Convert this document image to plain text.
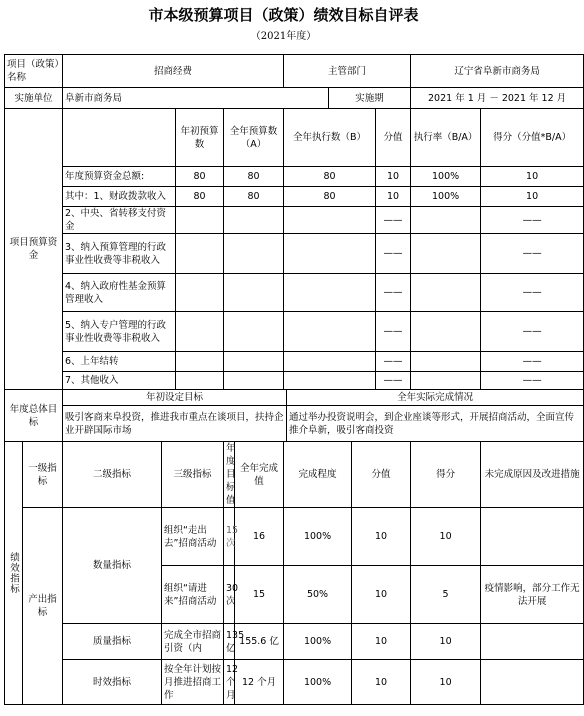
市本级预算项目（政策）绩效目标自评表
（2021年度）
项目（政策）名称		招商经费					主管部门					辽宁省阜新市商务局	
实施单位		阜新市商务局							实施期			2021 年 1 月 － 2021 年 12 月	
项目预算资金				年初预算数	全年预算数（A）		全年执行数（B）				分值	执行率（B/A）	得分（分值*B/A）
		年度预算资金总额:		80	80		80				10	100%	10
		其中：1、财政拨款收入		80	80		80				10	100%	10
		2、中央、省转移支付资金									——		——
		3、纳入预算管理的行政事业性收费等非税收入									——		——
		4、纳入政府性基金预算管理收入									——		——
		5、纳入专户管理的行政事业性收费等非税收入									——		——
		6、上年结转									——		——
		7、其他收入									——		——
年度总体目标		年初设定目标						全年实际完成情况					
		吸引客商来阜投资，推进我市重点在谈项目，扶持企业开辟国际市场						通过举办投资说明会，到企业座谈等形式，开展招商活动，全面宣传推介阜新，吸引客商投资					
绩效指标	一级指标	二级指标	三级指标		年度目标值	全年完成值	完成程度			分值		得分	未完成原因及改进措施
	产出指标	数量指标	组织“走出去”招商活动		15 次	16	100%			10		10	
			组织“请进来”招商活动		30 次	15	50%			10		5	疫情影响，部分工作无法开展
		质量指标	完成全市招商引资（内		135 亿	155.6 亿	100%			10		10	
		时效指标	按全年计划按月推进招商工作		12 个月	12 个月	100%			10		10	
